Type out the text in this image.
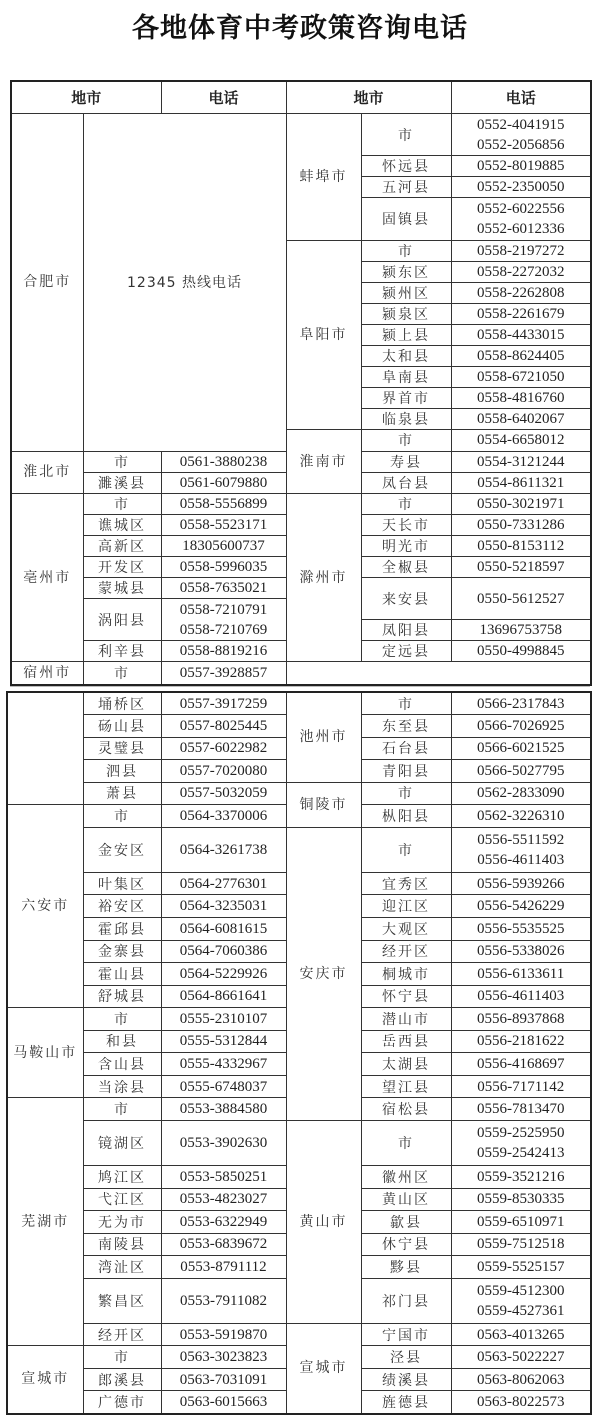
各地体育中考政策咨询电话
地市	电话	地市	电话
合肥市	12345 热线电话	蚌埠市	市	
0552-4041915
0552-2056856

怀远县	0552-8019885

五河县	0552-2350050

固镇县	
0552-6022556
0552-6012336

阜阳市	市	0558-2197272

颍东区	0558-2272032

颍州区	0558-2262808

颍泉区	0558-2261679

颍上县	0558-4433015

太和县	0558-8624405

阜南县	0558-6721050

界首市	0558-4816760

临泉县	0558-6402067

淮南市	市	0554-6658012

淮北市	市	0561-3880238	寿县	0554-3121244

濉溪县	0561-6079880	凤台县	0554-8611321

亳州市	市	0558-5556899
	滁州市	市	0550-3021971

谯城区	0558-5523171	天长市	0550-7331286

高新区	18305600737	明光市	0550-8153112

开发区	0558-5996035	全椒县	0550-5218597

蒙城县	0558-7635021
	来安县	0550-5612527

涡阳县	
0558-7210791
0558-7210769凤阳县	13696753758

利辛县	0558-8819216	定远县	0550-4998845

宿州市	市	0557-3928857
	埇桥区	0557-3917259
	池州市	市	0566-2317843

砀山县	0557-8025445	东至县	0566-7026925

灵璧县	0557-6022982	石台县	0566-6021525

泗县	0557-7020080	青阳县	0566-5027795

萧县	0557-5032059
	铜陵市	市	0562-2833090

六安市	市	0564-3370006	枞阳县	0562-3226310

金安区	0564-3261738
	安庆市	市	
0556-5511592
0556-4611403

叶集区	0564-2776301	宜秀区	0556-5939266

裕安区	0564-3235031	迎江区	0556-5426229

霍邱县	0564-6081615	大观区	0556-5535525

金寨县	0564-7060386	经开区	0556-5338026

霍山县	0564-5229926	桐城市	0556-6133611

舒城县	0564-8661641	怀宁县	0556-4611403

马鞍山市	市	0555-2310107	潜山市	0556-8937868

和县	0555-5312844	岳西县	0556-2181622

含山县	0555-4332967	太湖县	0556-4168697

当涂县	0555-6748037	望江县	0556-7171142

芜湖市	市	0553-3884580	宿松县	0556-7813470

镜湖区	0553-3902630
	黄山市	市	
0559-2525950
0559-2542413

鸠江区	0553-5850251	徽州区	0559-3521216

弋江区	0553-4823027	黄山区	0559-8530335

无为市	0553-6322949	歙县	0559-6510971

南陵县	0553-6839672	休宁县	0559-7512518

湾沚区	0553-8791112	黟县	0559-5525157

繁昌区	0553-7911082	祁门县	
0559-4512300
0559-4527361

经开区	0553-5919870
	宣城市	宁国市	0563-4013265

宣城市	市	0563-3023823	泾县	0563-5022227

郎溪县	0563-7031091	绩溪县	0563-8062063

广德市	0563-6015663	旌德县	0563-8022573
